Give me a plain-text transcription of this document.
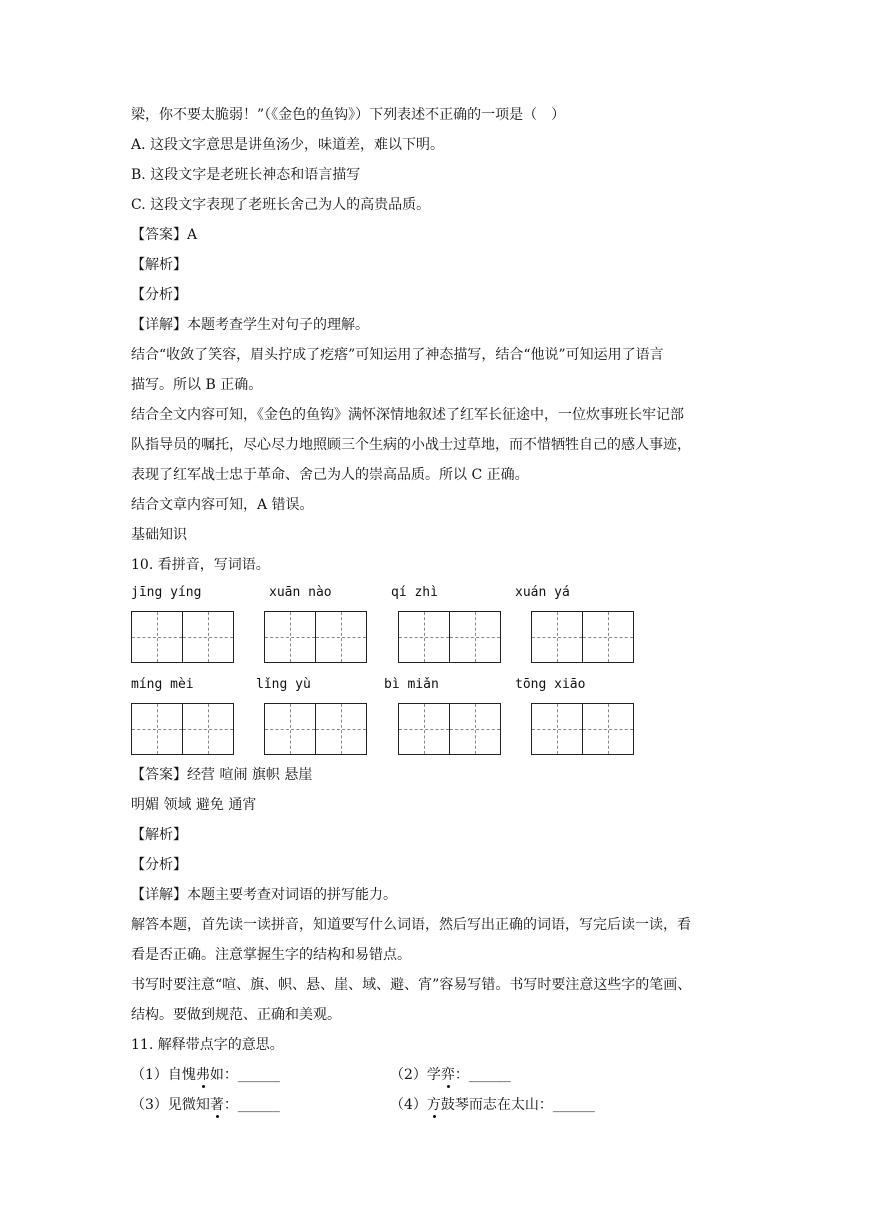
梁，你不要太脆弱！”（《金色的鱼钩》）下列表述不正确的一项是（　）
A. 这段文字意思是讲鱼汤少，味道差，难以下明。
B. 这段文字是老班长神态和语言描写
C. 这段文字表现了老班长舍己为人的高贵品质。
【答案】A
【解析】
【分析】
【详解】本题考查学生对句子的理解。
结合“收敛了笑容，眉头拧成了疙瘩”可知运用了神态描写，结合“他说”可知运用了语言
描写。所以 B 正确。
结合全文内容可知，《金色的鱼钩》满怀深情地叙述了红军长征途中，一位炊事班长牢记部
队指导员的嘱托，尽心尽力地照顾三个生病的小战士过草地，而不惜牺牲自己的感人事迹，
表现了红军战士忠于革命、舍己为人的崇高品质。所以 C 正确。
结合文章内容可知，A 错误。
基础知识
10. 看拼音，写词语。
jīng yíng	xuān nào	qí zhì	xuán yá
míng mèi	lǐng yù	bì miǎn	tōng xiāo
【答案】经营 喧闹 旗帜 悬崖
明媚 领域 避免 通宵
【解析】
【分析】
【详解】本题主要考查对词语的拼写能力。
解答本题，首先读一读拼音，知道要写什么词语，然后写出正确的词语，写完后读一读，看
看是否正确。注意掌握生字的结构和易错点。
书写时要注意“喧、旗、帜、悬、崖、域、避、宵”容易写错。书写时要注意这些字的笔画、
结构。要做到规范、正确和美观。
11. 解释带点字的意思。
（1）自愧弗如：______	（2）学弈：______
（3）见微知著：______	（4）方鼓琴而志在太山：______
